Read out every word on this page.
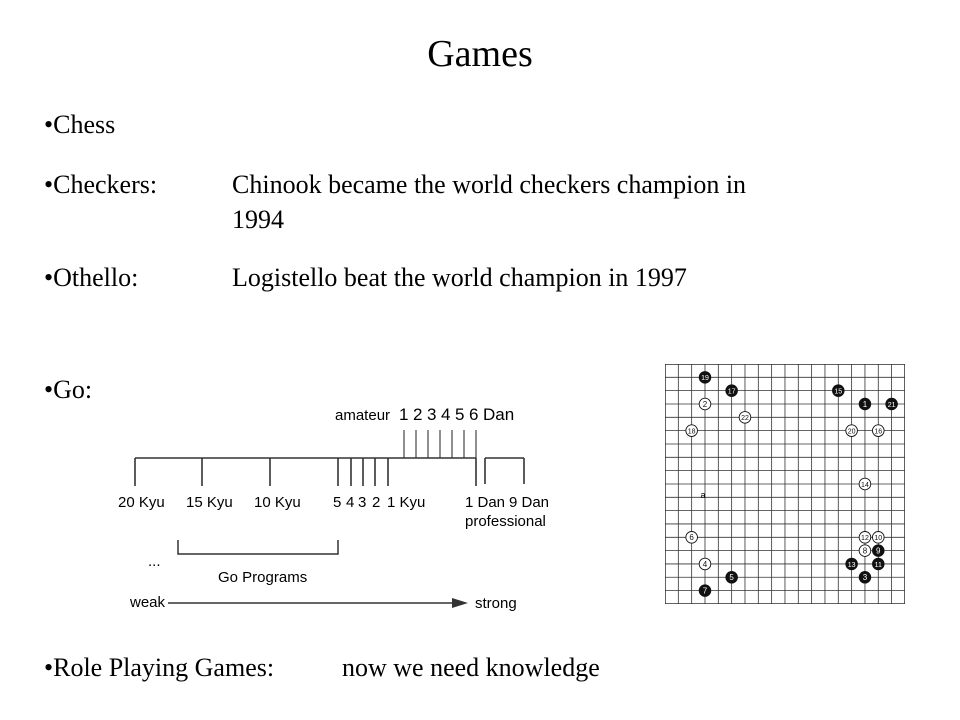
Games
•Chess
•Checkers:	Chinook became the world checkers champion in
1994
•Othello:	Logistello beat the world champion in 1997
•Go:
•Role Playing Games:	now we need knowledge
amateur 1 2 3 4 5 6 Dan
20 Kyu 15 Kyu 10 Kyu 5 4 3 2 1 Kyu	1 Dan 9 Dan
professional
...
Go Programs
weak	strong
a
19
17	15
1	21
2
22
18	20	16
14
6	12 10
8 9
4	13	11
5	3
7
